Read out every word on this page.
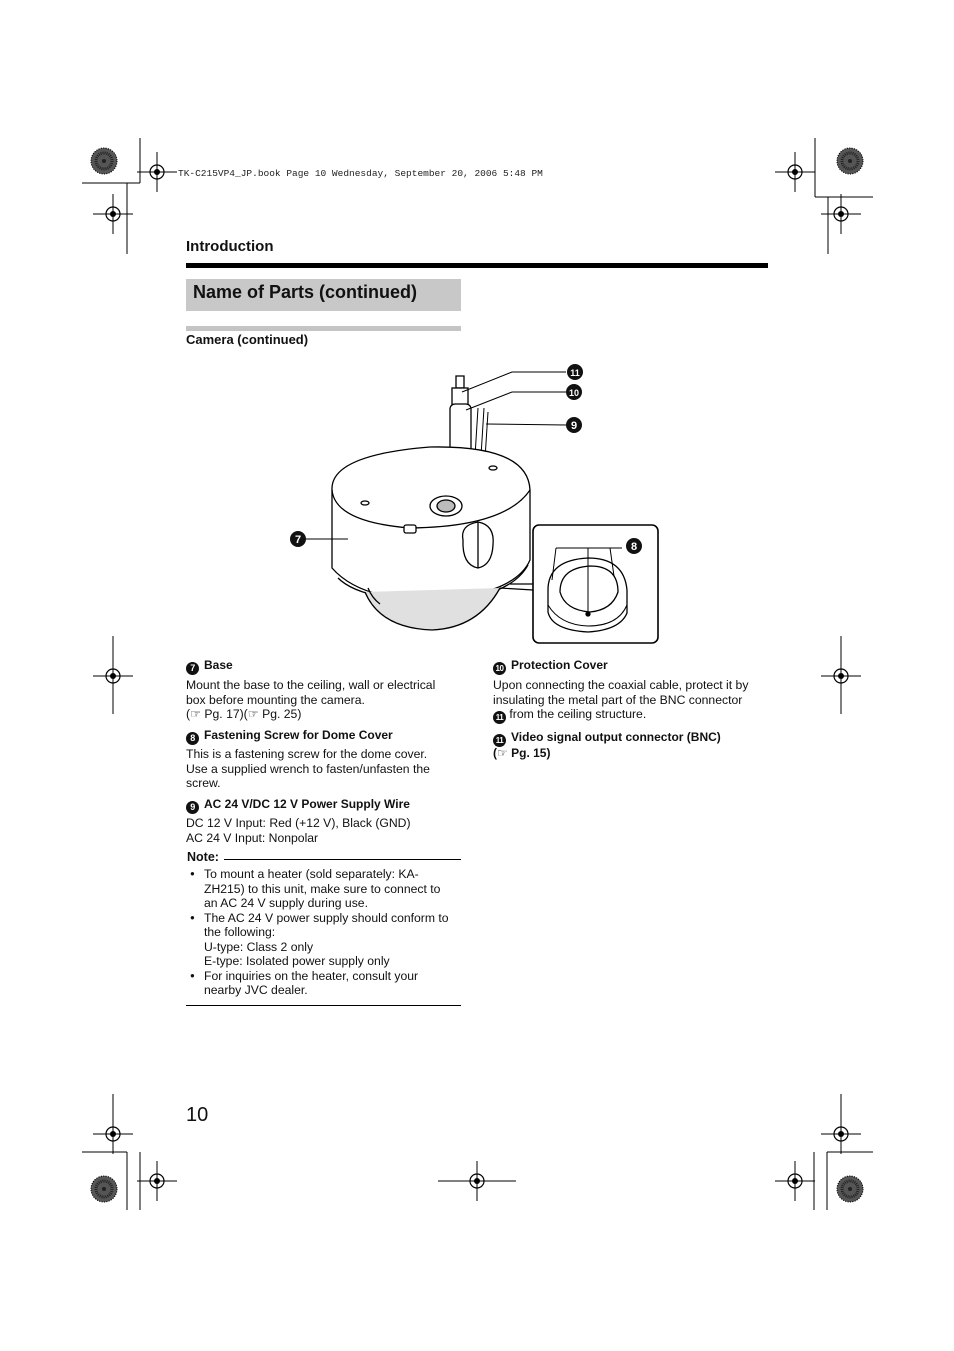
TK-C215VP4_JP.book Page 10 Wednesday, September 20, 2006 5:48 PM
Introduction
Name of Parts (continued)
Camera (continued)
7
8
9
10
11
7 Base
Mount the base to the ceiling, wall or electrical
box before mounting the camera.
(☞ Pg. 17)(☞ Pg. 25)
8 Fastening Screw for Dome Cover
This is a fastening screw for the dome cover.
Use a supplied wrench to fasten/unfasten the
screw.
9 AC 24 V/DC 12 V Power Supply Wire
DC 12 V Input: Red (+12 V), Black (GND)
AC 24 V Input: Nonpolar
Note:
● To mount a heater (sold separately: KA-
ZH215) to this unit, make sure to connect to
an AC 24 V supply during use.
● The AC 24 V power supply should conform to
the following:
U-type: Class 2 only
E-type: Isolated power supply only
● For inquiries on the heater, consult your
nearby JVC dealer.
10 Protection Cover
Upon connecting the coaxial cable, protect it by
insulating the metal part of the BNC connector
11 from the ceiling structure.
11 Video signal output connector (BNC)
(☞ Pg. 15)
10
